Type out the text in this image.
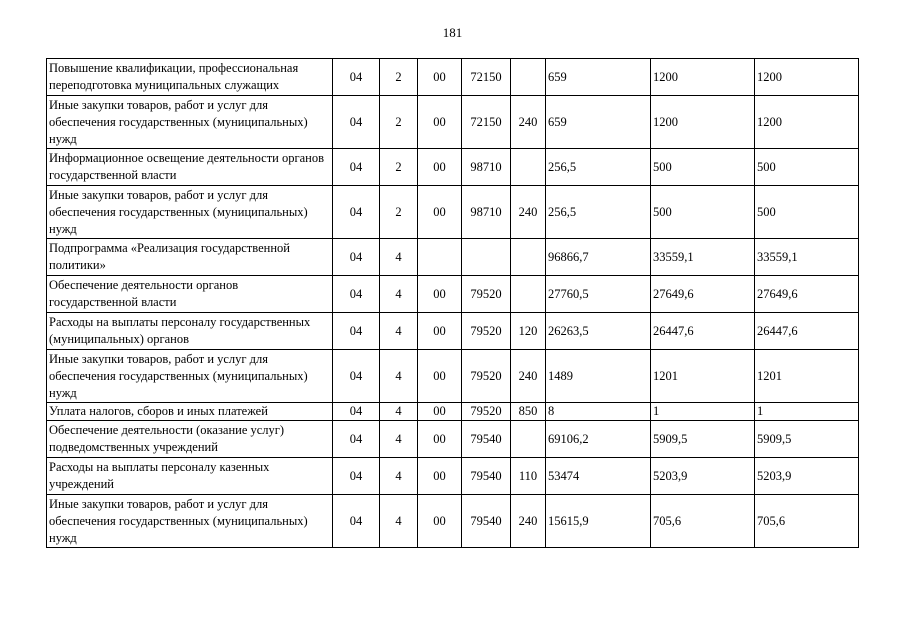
181
Повышение квалификации, профессиональная переподготовка муниципальных служащих	04	2	00	72150		659	1200	1200
Иные закупки товаров, работ и услуг для обеспечения государственных (муниципальных) нужд	04	2	00	72150	240	659	1200	1200
Информационное освещение деятельности органов государственной власти	04	2	00	98710		256,5	500	500
Иные закупки товаров, работ и услуг для обеспечения государственных (муниципальных) нужд	04	2	00	98710	240	256,5	500	500
Подпрограмма «Реализация государственной политики»	04	4				96866,7	33559,1	33559,1
Обеспечение деятельности органов государственной власти	04	4	00	79520		27760,5	27649,6	27649,6
Расходы на выплаты персоналу государственных (муниципальных) органов	04	4	00	79520	120	26263,5	26447,6	26447,6
Иные закупки товаров, работ и услуг для обеспечения государственных (муниципальных) нужд	04	4	00	79520	240	1489	1201	1201
Уплата налогов, сборов и иных платежей	04	4	00	79520	850	8	1	1
Обеспечение деятельности (оказание услуг) подведомственных учреждений	04	4	00	79540		69106,2	5909,5	5909,5
Расходы на выплаты персоналу казенных учреждений	04	4	00	79540	110	53474	5203,9	5203,9
Иные закупки товаров, работ и услуг для обеспечения государственных (муниципальных) нужд	04	4	00	79540	240	15615,9	705,6	705,6
